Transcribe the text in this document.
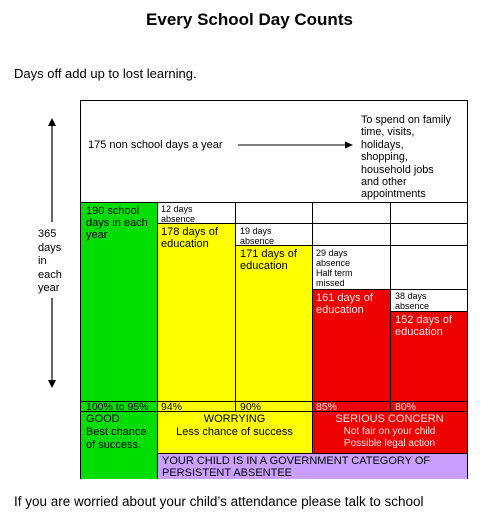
Every School Day Counts
Days off add up to lost learning.
365
days
in
each
year
175 non school days a year
To spend on family
time, visits,
holidays,
shopping,
household jobs
and other
appointments
190 school
days in each
year
12 days
absence
178 days of
education
19 days
absence
171 days of
education
29 days
absence
Half term
missed
161 days of
education
38 days
absence
152 days of
education
100% to 95% 94%	90%	85%	80%
GOOD
Best chance
of success.
WORRYING
Less chance of success
SERIOUS CONCERN
Not fair on your child
Possible legal action
YOUR CHILD IS IN A GOVERNMENT CATEGORY OF
PERSISTENT ABSENTEE
If you are worried about your child’s attendance please talk to school
